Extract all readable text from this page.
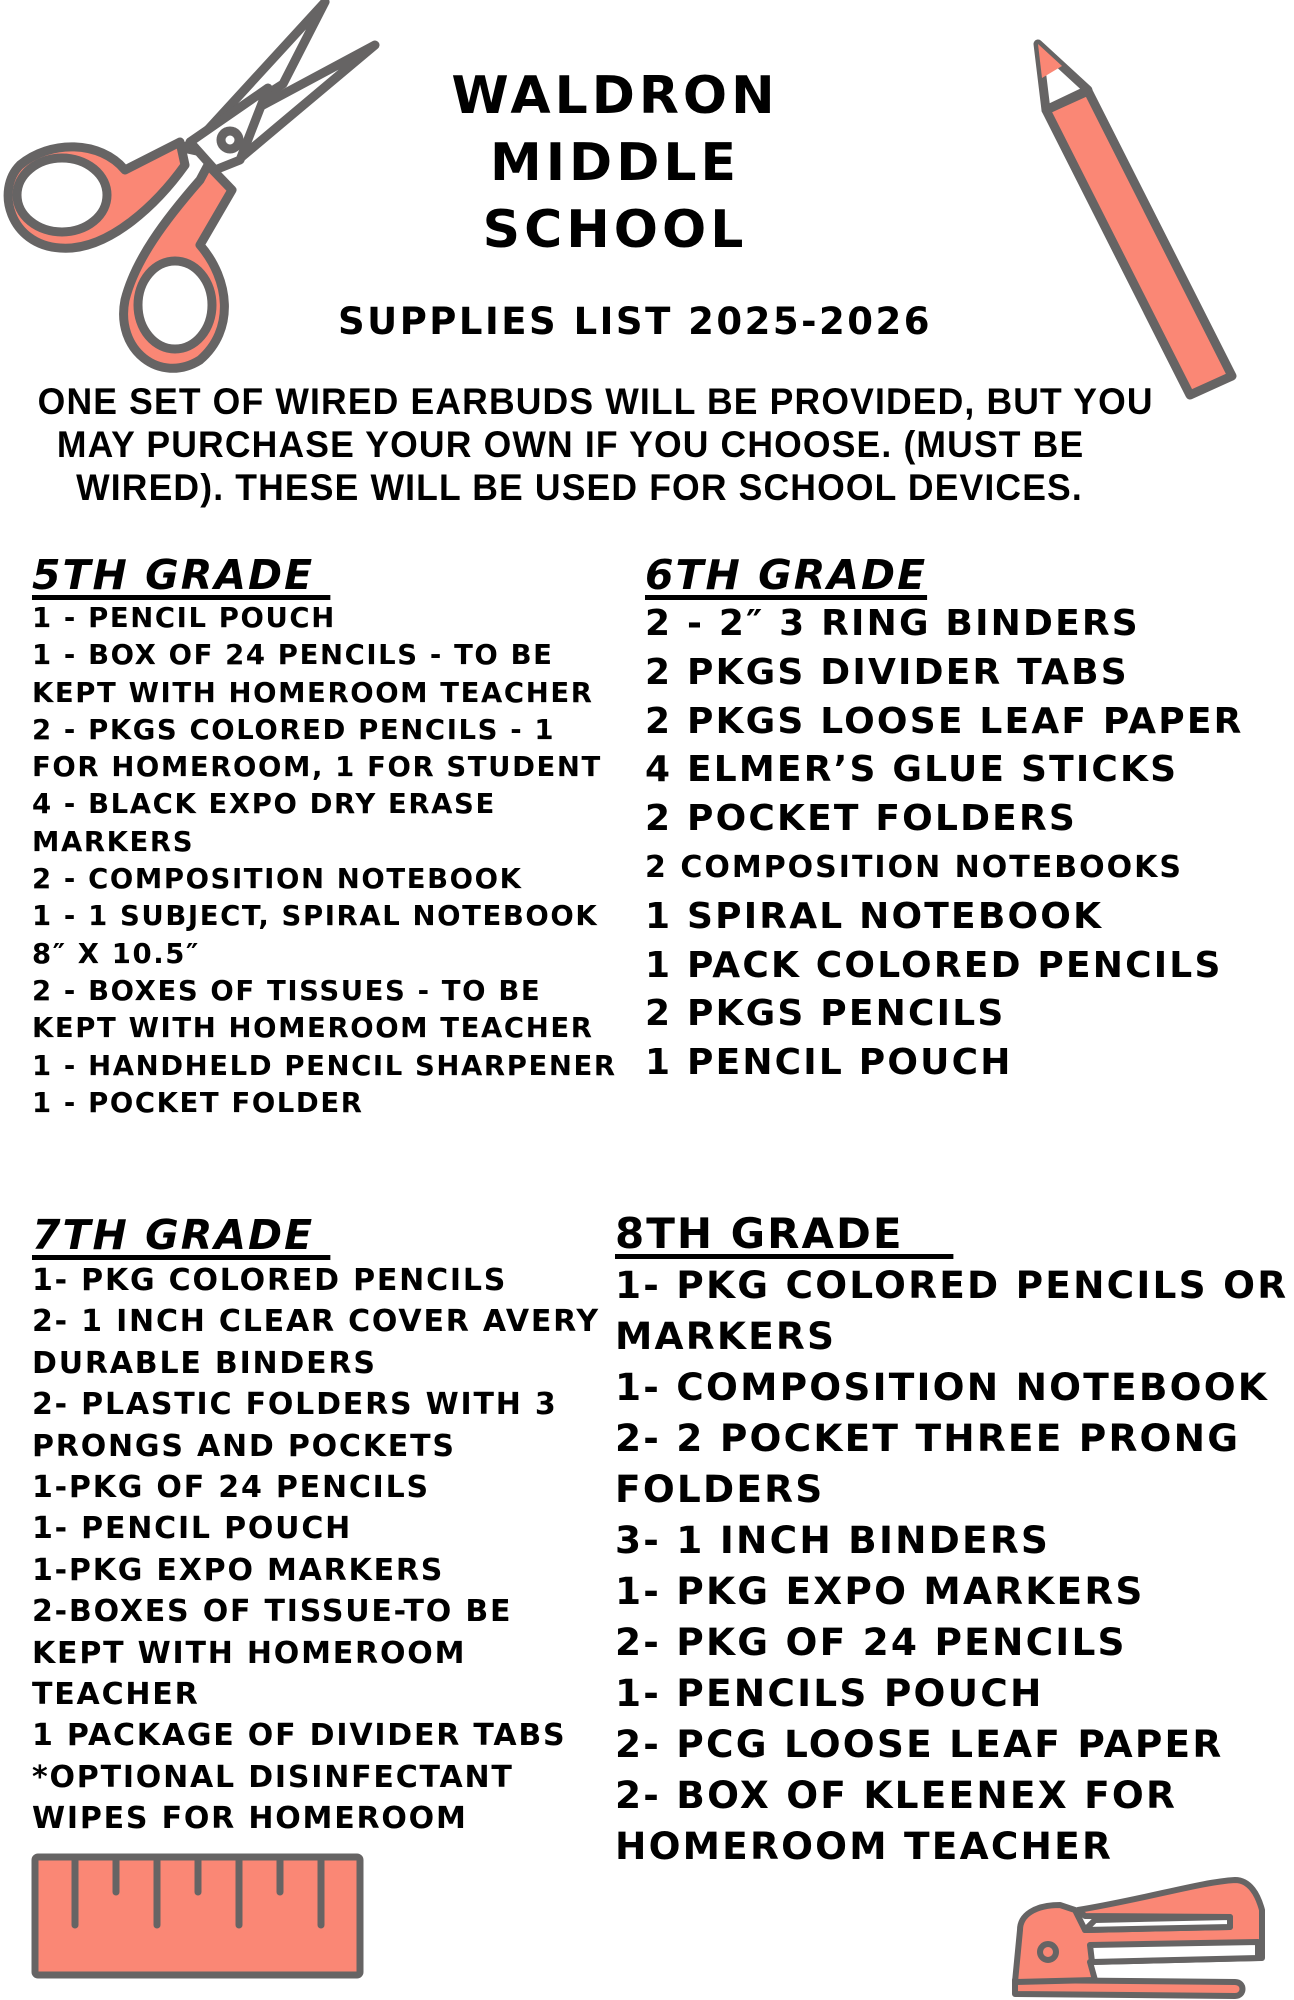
WALDRON
MIDDLE
SCHOOL
SUPPLIES LIST 2025-2026
ONE SET OF WIRED EARBUDS WILL BE PROVIDED, BUT YOU
MAY PURCHASE YOUR OWN IF YOU CHOOSE. (MUST BE
WIRED). THESE WILL BE USED FOR SCHOOL DEVICES.
5TH GRADE
1 - PENCIL POUCH
1 - BOX OF 24 PENCILS - TO BE
KEPT WITH HOMEROOM TEACHER
2 - PKGS COLORED PENCILS - 1
FOR HOMEROOM, 1 FOR STUDENT
4 - BLACK EXPO DRY ERASE
MARKERS
2 - COMPOSITION NOTEBOOK
1 - 1 SUBJECT, SPIRAL NOTEBOOK
8″ X 10.5″
2 - BOXES OF TISSUES - TO BE
KEPT WITH HOMEROOM TEACHER
1 - HANDHELD PENCIL SHARPENER
1 - POCKET FOLDER
6TH GRADE
2 - 2″ 3 RING BINDERS
2 PKGS DIVIDER TABS
2 PKGS LOOSE LEAF PAPER
4 ELMER’S GLUE STICKS
2 POCKET FOLDERS
2 COMPOSITION NOTEBOOKS
1 SPIRAL NOTEBOOK
1 PACK COLORED PENCILS
2 PKGS PENCILS
1 PENCIL POUCH
7TH GRADE
1- PKG COLORED PENCILS
2- 1 INCH CLEAR COVER AVERY
DURABLE BINDERS
2- PLASTIC FOLDERS WITH 3
PRONGS AND POCKETS
1-PKG OF 24 PENCILS
1- PENCIL POUCH
1-PKG EXPO MARKERS
2-BOXES OF TISSUE-TO BE
KEPT WITH HOMEROOM
TEACHER
1 PACKAGE OF DIVIDER TABS
*OPTIONAL DISINFECTANT
WIPES FOR HOMEROOM
8TH GRADE
1- PKG COLORED PENCILS OR
MARKERS
1- COMPOSITION NOTEBOOK
2- 2 POCKET THREE PRONG
FOLDERS
3- 1 INCH BINDERS
1- PKG EXPO MARKERS
2- PKG OF 24 PENCILS
1- PENCILS POUCH
2- PCG LOOSE LEAF PAPER
2- BOX OF KLEENEX FOR
HOMEROOM TEACHER
